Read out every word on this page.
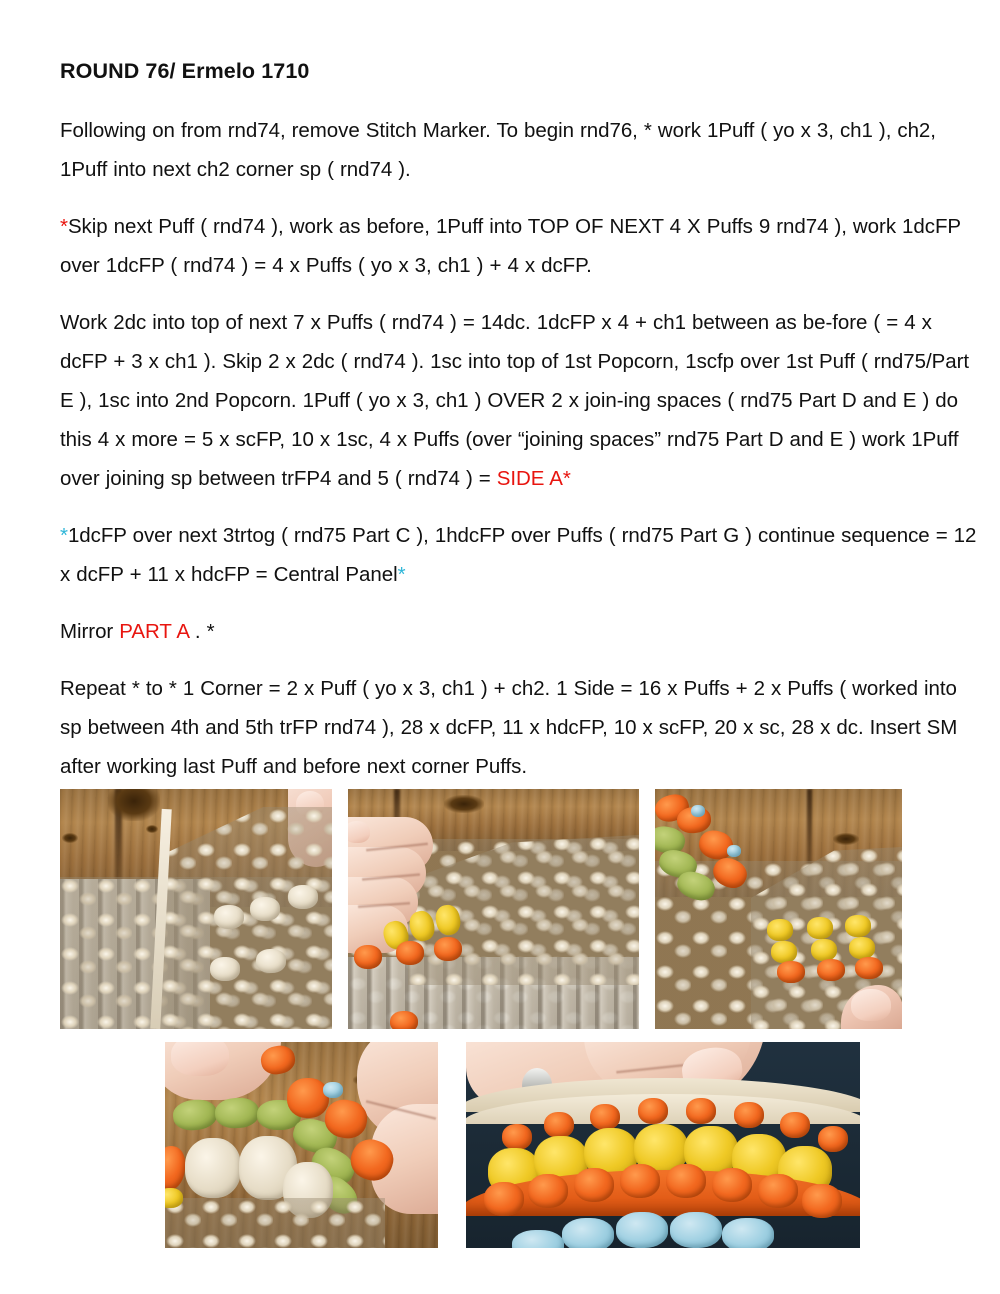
ROUND 76/ Ermelo 1710

Following on from rnd74, remove Stitch Marker. To begin rnd76, * work 1Puff ( yo x 3, ch1 ), ch2, 1Puff into next ch2 corner sp ( rnd74 ).

*Skip next Puff ( rnd74 ), work as before, 1Puff into TOP OF NEXT 4 X Puffs 9 rnd74 ), work 1dcFP over 1dcFP ( rnd74 ) = 4 x Puffs ( yo x 3, ch1 ) + 4 x dcFP.

Work 2dc into top of next 7 x Puffs ( rnd74 ) = 14dc. 1dcFP x 4 + ch1 between as be-fore ( = 4 x dcFP + 3 x ch1 ). Skip 2 x 2dc ( rnd74 ). 1sc into top of 1st Popcorn, 1scfp over 1st Puff ( rnd75/Part E ), 1sc into 2nd Popcorn. 1Puff ( yo x 3, ch1 ) OVER 2 x join-ing spaces ( rnd75 Part D and E ) do this 4 x more = 5 x scFP, 10 x 1sc, 4 x Puffs (over “joining spaces” rnd75 Part D and E ) work 1Puff over joining sp between trFP4 and 5 ( rnd74 ) = SIDE A*

*1dcFP over next 3trtog ( rnd75 Part C ), 1hdcFP over Puffs ( rnd75 Part G ) continue sequence = 12 x dcFP + 11 x hdcFP = Central Panel*

Mirror PART A . *

Repeat * to * 1 Corner = 2 x Puff ( yo x 3, ch1 ) + ch2. 1 Side = 16 x Puffs + 2 x Puffs ( worked into sp between 4th and 5th trFP rnd74 ), 28 x dcFP, 11 x hdcFP, 10 x scFP, 20 x sc, 28 x dc. Insert SM after working last Puff and before next corner Puffs.
